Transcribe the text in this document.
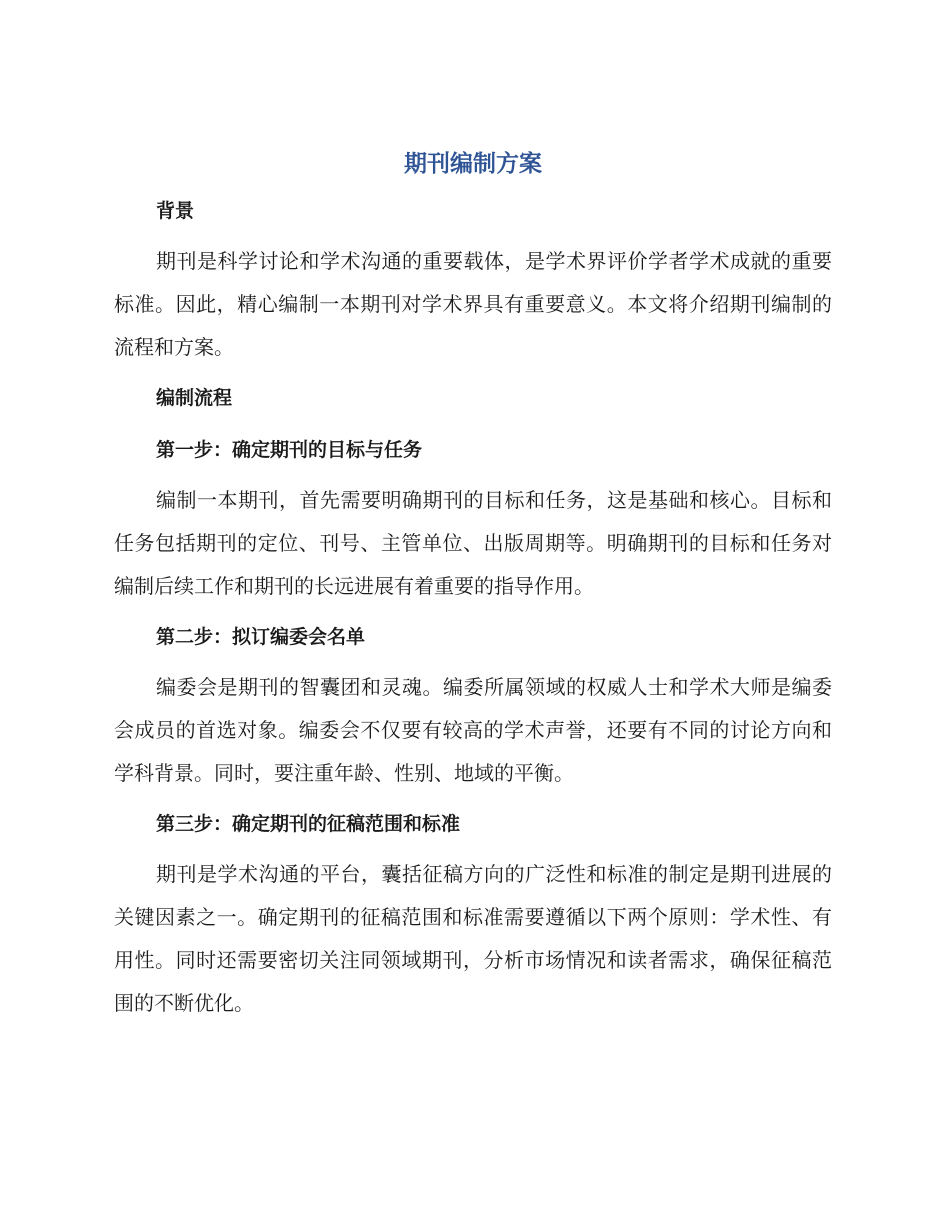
期刊编制方案
背景

期刊是科学讨论和学术沟通的重要载体，是学术界评价学者学术成就的重要标准。因此，精心编制一本期刊对学术界具有重要意义。本文将介绍期刊编制的流程和方案。

编制流程
第一步：确定期刊的目标与任务

编制一本期刊，首先需要明确期刊的目标和任务，这是基础和核心。目标和任务包括期刊的定位、刊号、主管单位、出版周期等。明确期刊的目标和任务对编制后续工作和期刊的长远进展有着重要的指导作用。

第二步：拟订编委会名单

编委会是期刊的智囊团和灵魂。编委所属领域的权威人士和学术大师是编委会成员的首选对象。编委会不仅要有较高的学术声誉，还要有不同的讨论方向和学科背景。同时，要注重年龄、性别、地域的平衡。

第三步：确定期刊的征稿范围和标准

期刊是学术沟通的平台，囊括征稿方向的广泛性和标准的制定是期刊进展的关键因素之一。确定期刊的征稿范围和标准需要遵循以下两个原则：学术性、有用性。同时还需要密切关注同领域期刊，分析市场情况和读者需求，确保征稿范围的不断优化。
